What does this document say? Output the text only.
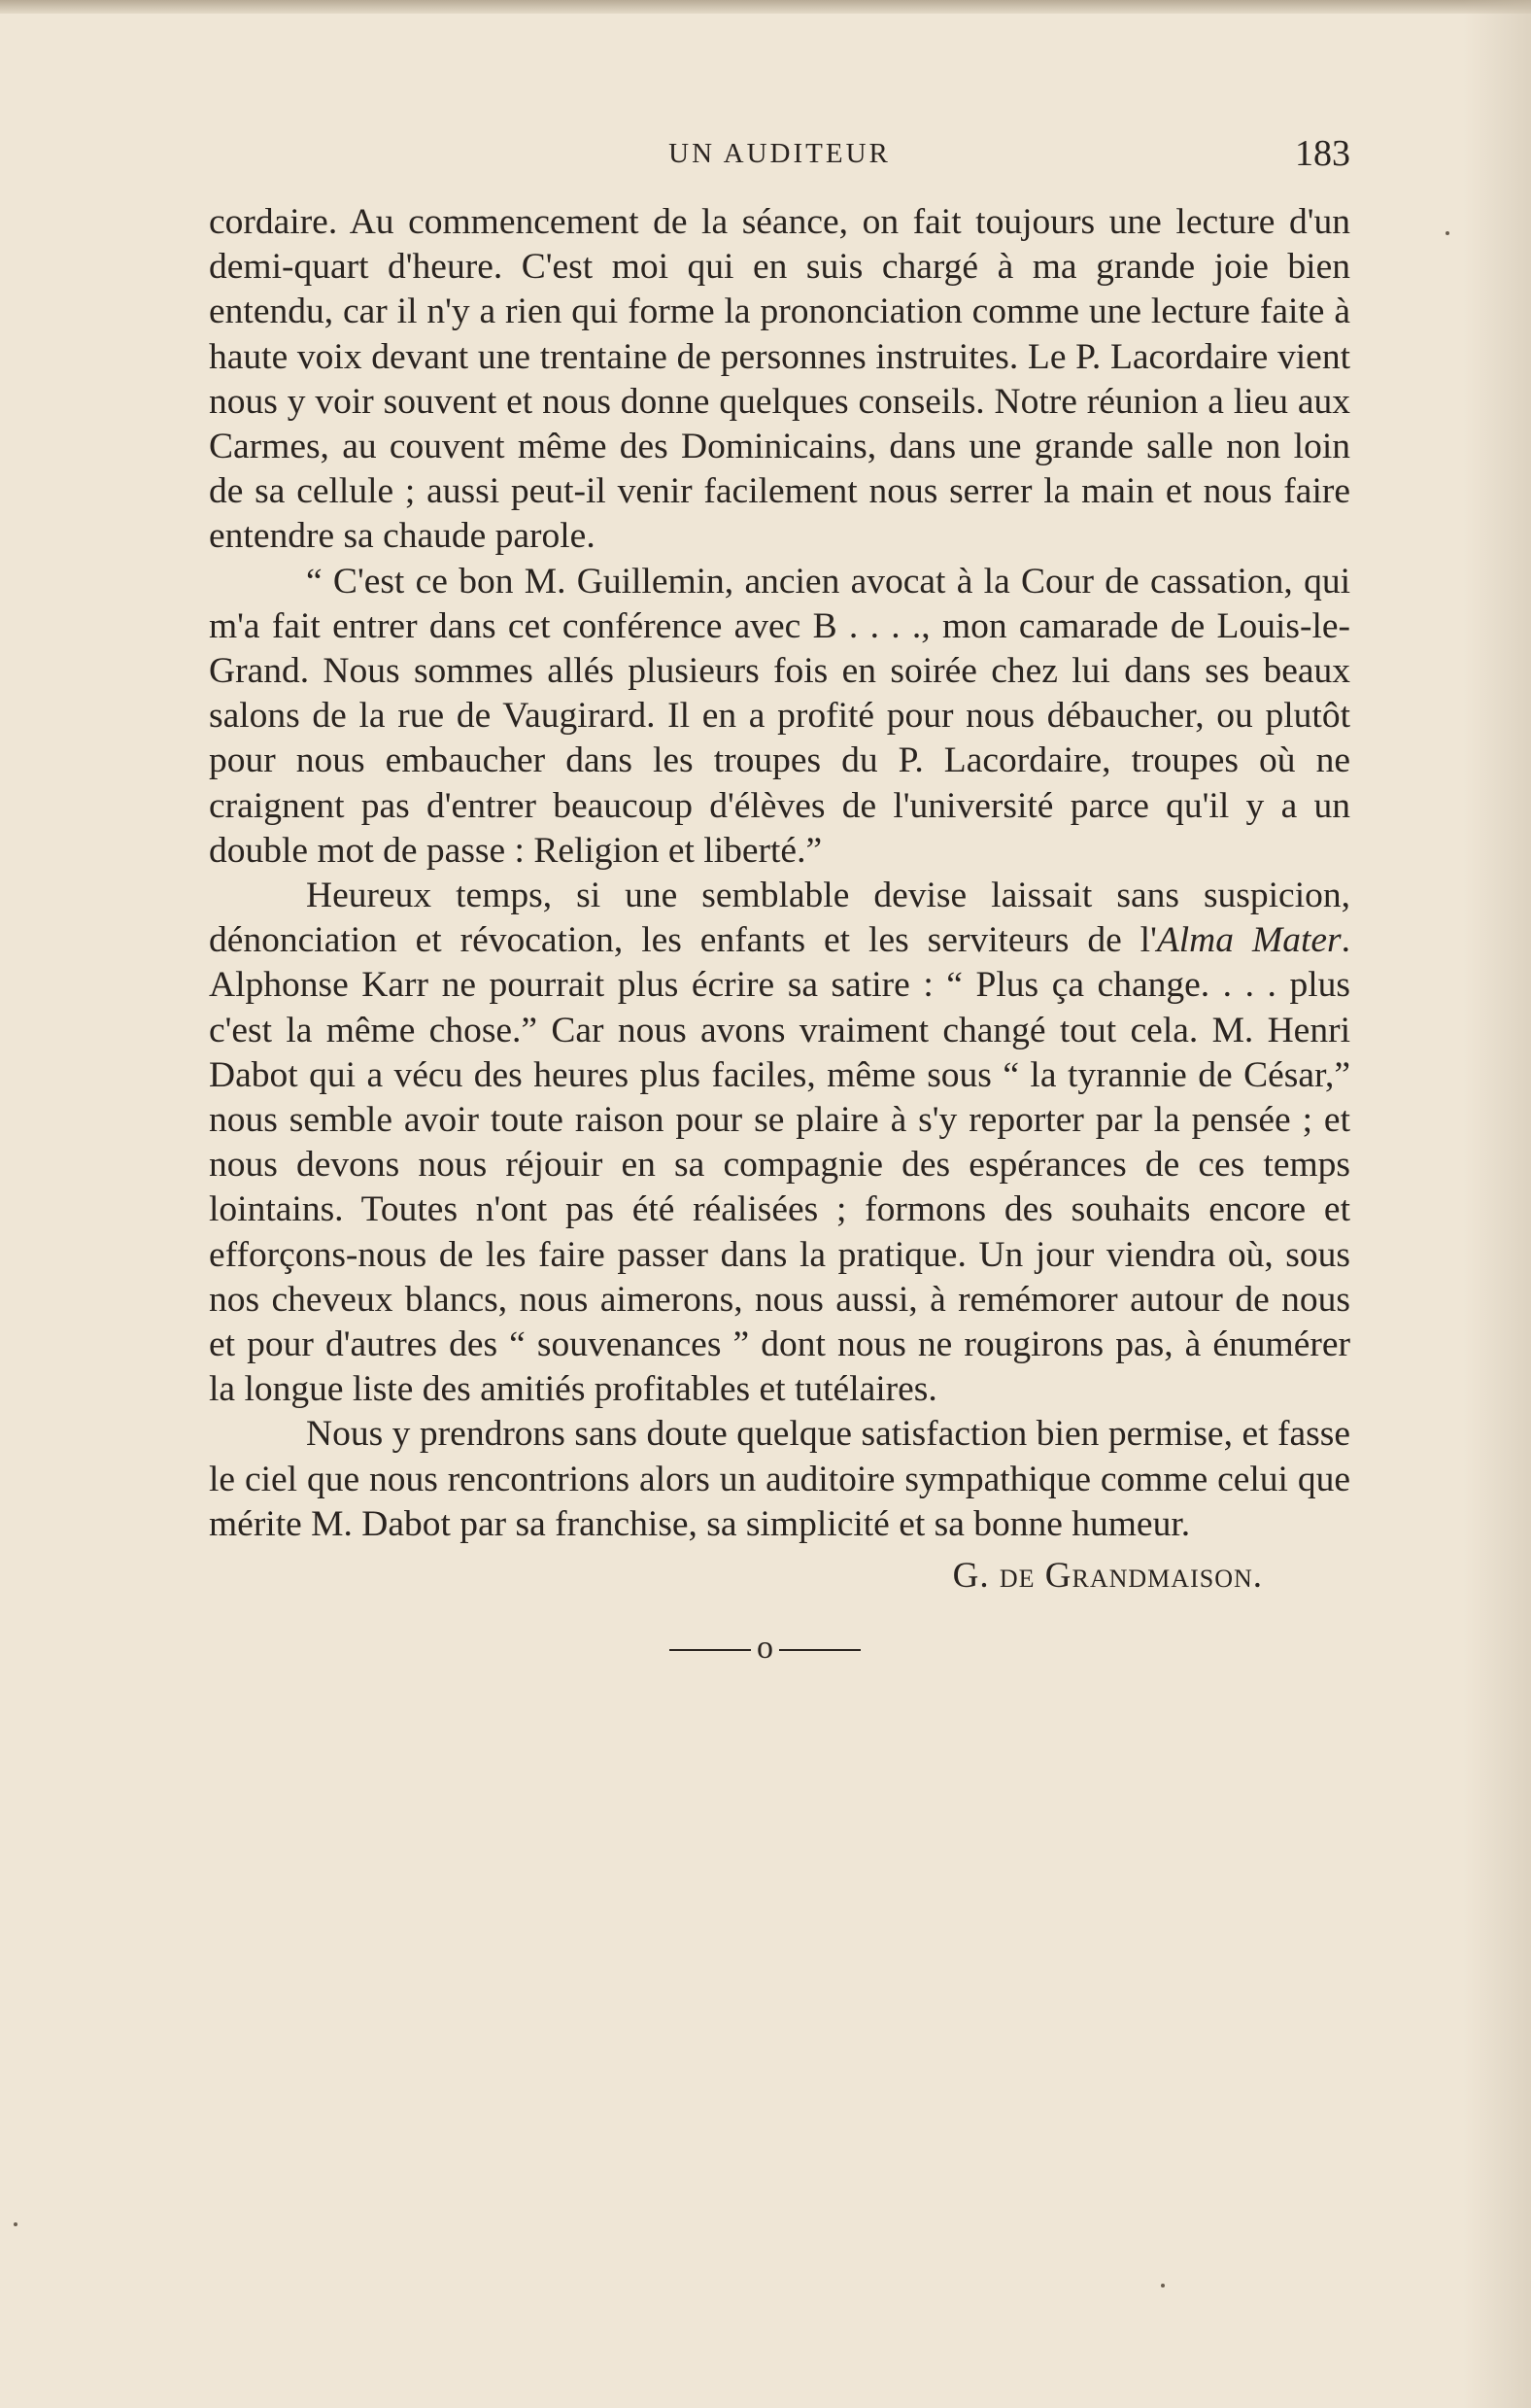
UN AUDITEUR	183

cordaire. Au commencement de la séance, on fait toujours une lecture d'un demi-quart d'heure. C'est moi qui en suis chargé à ma grande joie bien entendu, car il n'y a rien qui forme la prononciation comme une lecture faite à haute voix devant une trentaine de personnes instruites. Le P. Lacordaire vient nous y voir souvent et nous donne quelques conseils. Notre réunion a lieu aux Carmes, au couvent même des Dominicains, dans une grande salle non loin de sa cellule ; aussi peut-il venir facilement nous serrer la main et nous faire entendre sa chaude parole.

“ C'est ce bon M. Guillemin, ancien avocat à la Cour de cassation, qui m'a fait entrer dans cet conférence avec B . . . ., mon camarade de Louis-le-Grand. Nous sommes allés plusieurs fois en soirée chez lui dans ses beaux salons de la rue de Vaugirard. Il en a profité pour nous débaucher, ou plutôt pour nous embaucher dans les troupes du P. Lacordaire, troupes où ne craignent pas d'entrer beaucoup d'élèves de l'université parce qu'il y a un double mot de passe : Religion et liberté.”

Heureux temps, si une semblable devise laissait sans suspicion, dénonciation et révocation, les enfants et les serviteurs de l'Alma Mater. Alphonse Karr ne pourrait plus écrire sa satire : “ Plus ça change. . . . plus c'est la même chose.” Car nous avons vraiment changé tout cela. M. Henri Dabot qui a vécu des heures plus faciles, même sous “ la tyrannie de César,” nous semble avoir toute raison pour se plaire à s'y reporter par la pensée ; et nous devons nous réjouir en sa compagnie des espérances de ces temps lointains. Toutes n'ont pas été réalisées ; formons des souhaits encore et efforçons-nous de les faire passer dans la pratique. Un jour viendra où, sous nos cheveux blancs, nous aimerons, nous aussi, à remémorer autour de nous et pour d'autres des “ souvenances ” dont nous ne rougirons pas, à énumérer la longue liste des amitiés profitables et tutélaires.

Nous y prendrons sans doute quelque satisfaction bien permise, et fasse le ciel que nous rencontrions alors un auditoire sympathique comme celui que mérite M. Dabot par sa franchise, sa simplicité et sa bonne humeur.

G. de Grandmaison.

o
